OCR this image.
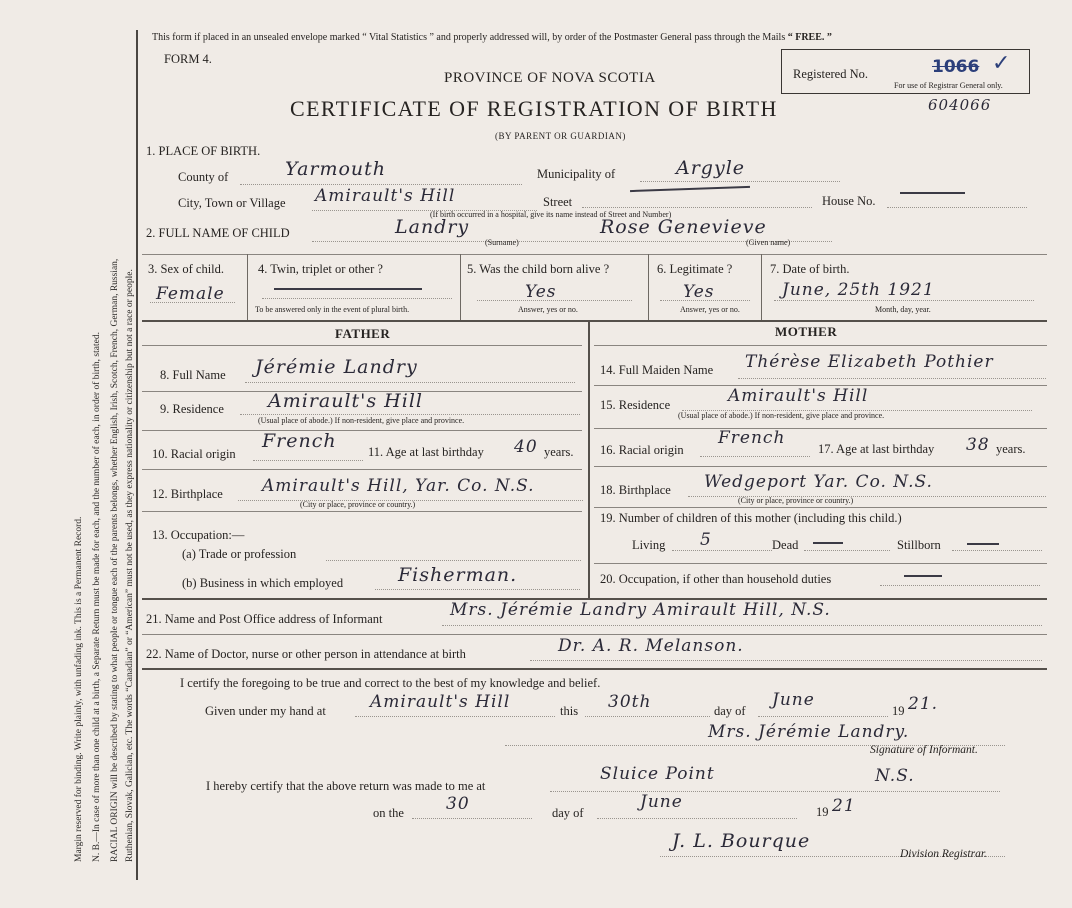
Margin reserved for binding. Write plainly, with unfading ink. This is a Permanent Record. N. B.—In case of more than one child at a birth, a Separate Return must be made for each, and the number of each, in order of birth, stated. RACIAL ORIGIN will be described by stating to what people or tongue each of the parents belongs, whether English, Irish, Scotch, French, German, Russian, Ruthenian, Slovak, Galician, etc. The words “Canadian” or “American” must not be used, as they express nationality or citizenship but not a race or people.
This form if placed in an unsealed envelope marked “ Vital Statistics ” and properly addressed will, by order of the Postmaster General pass through the Mails “ FREE. ”
FORM 4.
PROVINCE OF NOVA SCOTIA
CERTIFICATE OF REGISTRATION OF BIRTH
(BY PARENT OR GUARDIAN)
Registered No.
For use of Registrar General only.
1066 ✓
604066
1. PLACE OF BIRTH.
County of	Yarmouth	Municipality of	Argyle
City, Town or Village Amirault's Hill	Street	House No.
(If birth occurred in a hospital, give its name instead of Street and Number)
2. FULL NAME OF CHILD	Landry
(Surname)
Rose Genevieve
(Given name)
3. Sex of child.
Female
4. Twin, triplet or other ?
To be answered only in the event of plural birth.
5. Was the child born alive ?
Yes
Answer, yes or no.
6. Legitimate ?
Yes
Answer, yes or no.
7. Date of birth.
June, 25th 1921
Month, day, year.
FATHER	MOTHER
8. Full Name Jérémie Landry
9. Residence Amirault's Hill
(Usual place of abode.) If non-resident, give place and province.
10. Racial origin
French	11. Age at last birthday 40 years.
12. Birthplace Amirault's Hill, Yar. Co. N.S.
(City or place, province or country.)
13. Occupation:—
(a) Trade or profession
(b) Business in which employed	Fisherman.
14. Full Maiden Name Thérèse Elizabeth Pothier
15. Residence	Amirault's Hill
(Usual place of abode.) If non-resident, give place and province.
16. Racial origin
French
17. Age at last birthday 38 years.
18. Birthplace Wedgeport Yar. Co. N.S.
(City or place, province or country.)
19. Number of children of this mother (including this child.)
Living 5	Dead	Stillborn
20. Occupation, if other than household duties
21. Name and Post Office address of Informant	Mrs. Jérémie Landry Amirault Hill, N.S.
22. Name of Doctor, nurse or other person in attendance at birth	Dr. A. R. Melanson.
I certify the foregoing to be true and correct to the best of my knowledge and belief.
Given under my hand at	Amirault's Hill	this 30th	day of
June
19 21.
Mrs. Jérémie Landry.
Signature of Informant.
I hereby certify that the above return was made to me at
Sluice Point	N.S.
on the 30	day of
June	19 21
J. L. Bourque
Division Registrar.
